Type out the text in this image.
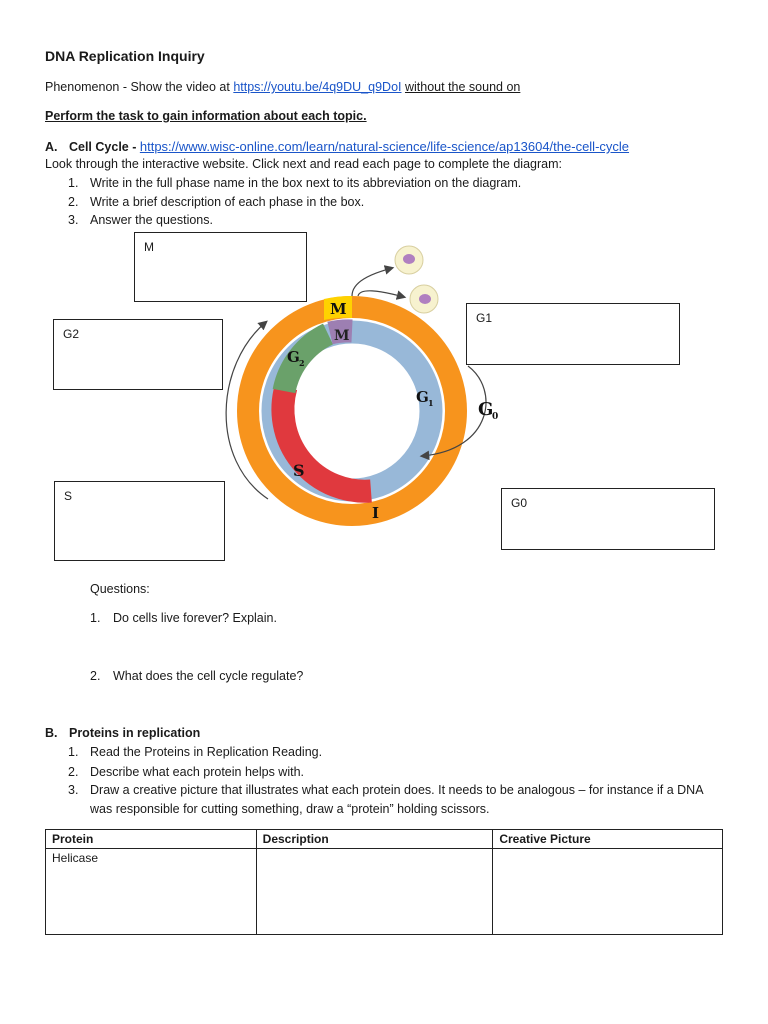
DNA Replication Inquiry
Phenomenon - Show the video at https://youtu.be/4q9DU_q9DoI without the sound on
Perform the task to gain information about each topic.
A. Cell Cycle - https://www.wisc-online.com/learn/natural-science/life-science/ap13604/the-cell-cycle
Look through the interactive website. Click next and read each page to complete the diagram:
1. Write in the full phase name in the box next to its abbreviation on the diagram.
2. Write a brief description of each phase in the box.
3. Answer the questions.
M
G1
G2
S	G0
M
M
G 2
G 1 G
0
S
I
Questions:
1. Do cells live forever? Explain.
2. What does the cell cycle regulate?
B. Proteins in replication
1. Read the Proteins in Replication Reading.
2. Describe what each protein helps with.
3. Draw a creative picture that illustrates what each protein does. It needs to be analogous – for instance if a DNA
was responsible for cutting something, draw a “protein” holding scissors.
Protein	Description	Creative Picture
Helicase		
